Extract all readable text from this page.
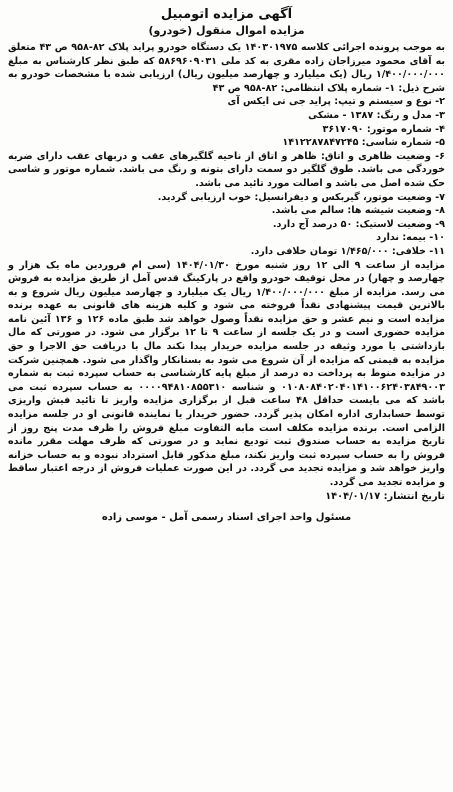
آگهی مزایده اتومبیل
مزایده اموال منقول (خودرو)

به موجب پرونده اجرائی کلاسه ۱۴۰۳۰۱۹۷۵ یک دستگاه خودرو پراید پلاک ۸۲-۹۵۸ ص ۴۳ متعلق به آقای محمود میرزاجان زاده مقری به کد ملی ۵۸۶۹۶۰۹۰۳۱ که طبق نظر کارشناس به مبلغ ۱/۴۰۰/۰۰۰/۰۰۰ ریال (یک میلیارد و چهارصد میلیون ریال) ارزیابی شده با مشخصات خودرو به شرح ذیل: ۱- شماره پلاک انتظامی: ۸۲-۹۵۸ ص ۴۳

۲- نوع و سیستم و تیپ: پراید جی تی ایکس آی
۳- مدل و رنگ: ۱۳۸۷ - مشکی
۴- شماره موتور: ۳۶۱۷۰۹۰
۵- شماره شاسی: ۱۴۱۲۲۸۷۸۴۷۲۴۵
۶- وضعیت ظاهری و اتاق: ظاهر و اتاق از ناحیه گلگیرهای عقب و دربهای عقب دارای ضربه خوردگی می باشد. طوق گلگیر دو سمت دارای بتونه و رنگ می باشد. شماره موتور و شاسی حک شده اصل می باشد و اصالت مورد تائید می باشد.
۷- وضعیت موتور، گیربکس و دیفرانسیل: خوب ارزیابی گردید.
۸- وضعیت شیشه ها: سالم می باشد.
۹- وضعیت لاستیک: ۵۰ درصد آج دارد.
۱۰- بیمه: ندارد
۱۱- خلافی: ۱/۴۶۵/۰۰۰ تومان خلافی دارد.

مزایده از ساعت ۹ الی ۱۲ روز شنبه مورخ ۱۴۰۴/۰۱/۳۰ (سی ام فروردین ماه یک هزار و چهارصد و چهار) در محل توقیف خودرو واقع در پارکینگ قدس آمل از طریق مزایده به فروش می رسد. مزایده از مبلغ ۱/۴۰۰/۰۰۰/۰۰۰ ریال یک میلیارد و چهارصد میلیون ریال شروع و به بالاترین قیمت پیشنهادی نقداً فروخته می شود و کلیه هزینه های قانونی به عهده برنده مزایده است و نیم عشر و حق مزایده نقداً وصول خواهد شد طبق ماده ۱۲۶ و ۱۳۶ آئین نامه مزایده حضوری است و در یک جلسه از ساعت ۹ تا ۱۲ برگزار می شود. در صورتی که مال بازداشتی یا مورد وثیقه در جلسه مزایده خریدار پیدا نکند مال با دریافت حق الاجرا و حق مزایده به قیمتی که مزایده از آن شروع می شود به بستانکار واگذار می شود. همچنین شرکت در مزایده منوط به پرداخت ده درصد از مبلغ پایه کارشناسی به حساب سپرده ثبت به شماره ۰۱۰۸۰۸۴۰۲۰۴۰۱۴۱۰۰۶۲۴۰۳۸۴۹۰۰۳ و شناسه ۰۰۰۰۹۴۸۱۰۸۵۵۳۱۰ به حساب سپرده ثبت می باشد که می بایست حداقل ۴۸ ساعت قبل از برگزاری مزایده واریز تا تائید فیش واریزی توسط حسابداری اداره امکان پذیر گردد. حضور خریدار یا نماینده قانونی او در جلسه مزایده الزامی است. برنده مزایده مکلف است مابه التفاوت مبلغ فروش را ظرف مدت پنج روز از تاریخ مزایده به حساب صندوق ثبت تودیع نماید و در صورتی که ظرف مهلت مقرر مانده فروش را به حساب سپرده ثبت واریز نکند، مبلغ مذکور قابل استرداد نبوده و به حساب خزانه واریز خواهد شد و مزایده تجدید می گردد. در این صورت عملیات فروش از درجه اعتبار ساقط و مزایده تجدید می گردد.

تاریخ انتشار: ۱۴۰۴/۰۱/۱۷

مسئول واحد اجرای اسناد رسمی آمل - موسی زاده
